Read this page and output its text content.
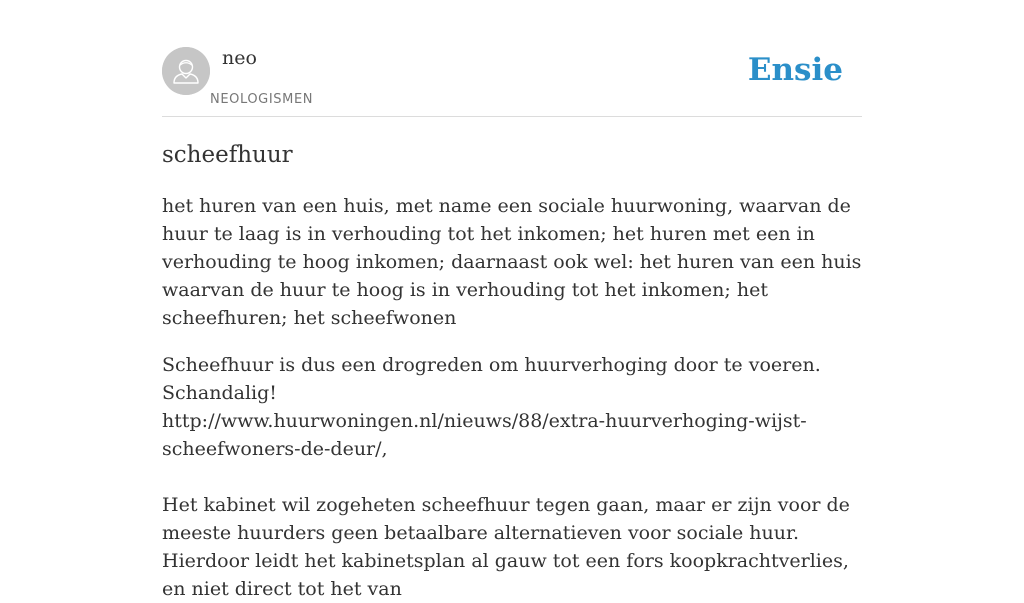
neo
NEOLOGISMEN
Ensie
scheefhuur

het huren van een huis, met name een sociale huurwoning, waarvan de huur te laag is in verhouding tot het inkomen; het huren met een in verhouding te hoog inkomen; daarnaast ook wel: het huren van een huis waarvan de huur te hoog is in verhouding tot het inkomen; het scheefhuren; het scheefwonen

Scheefhuur is dus een drogreden om huurverhoging door te voeren. Schandalig!
http://www.huurwoningen.nl/nieuws/88/extra-huurverhoging-wijst-scheefwoners-de-deur/,
Het kabinet wil zogeheten scheefhuur tegen gaan, maar er zijn voor de meeste huurders geen betaalbare alternatieven voor sociale huur. Hierdoor leidt het kabinetsplan al gauw tot een fors koopkrachtverlies, en niet direct tot het van
